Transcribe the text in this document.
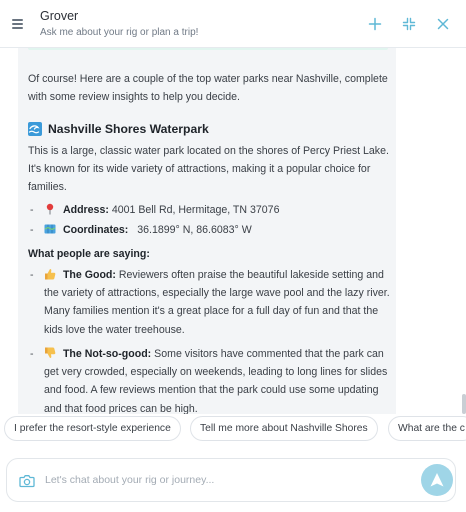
Grover
Ask me about your rig or plan a trip!

Of course! Here are a couple of the top water parks near Nashville, complete with some review insights to help you decide.

Nashville Shores Waterpark

This is a large, classic water park located on the shores of Percy Priest Lake. It's known for its wide variety of attractions, making it a popular choice for families.

- Address: 4001 Bell Rd, Hermitage, TN 37076
- Coordinates: 36.1899° N, 86.6083° W
What people are saying:
- The Good: Reviewers often praise the beautiful lakeside setting and the variety of attractions, especially the large wave pool and the lazy river. Many families mention it's a great place for a full day of fun and that the kids love the water treehouse.
- The Not-so-good: Some visitors have commented that the park can get very crowded, especially on weekends, leading to long lines for slides and food. A few reviews mention that the park could use some updating and that food prices can be high.
I prefer the resort-style experience	Tell me more about Nashville Shores	What are the c
Let's chat about your rig or journey...
